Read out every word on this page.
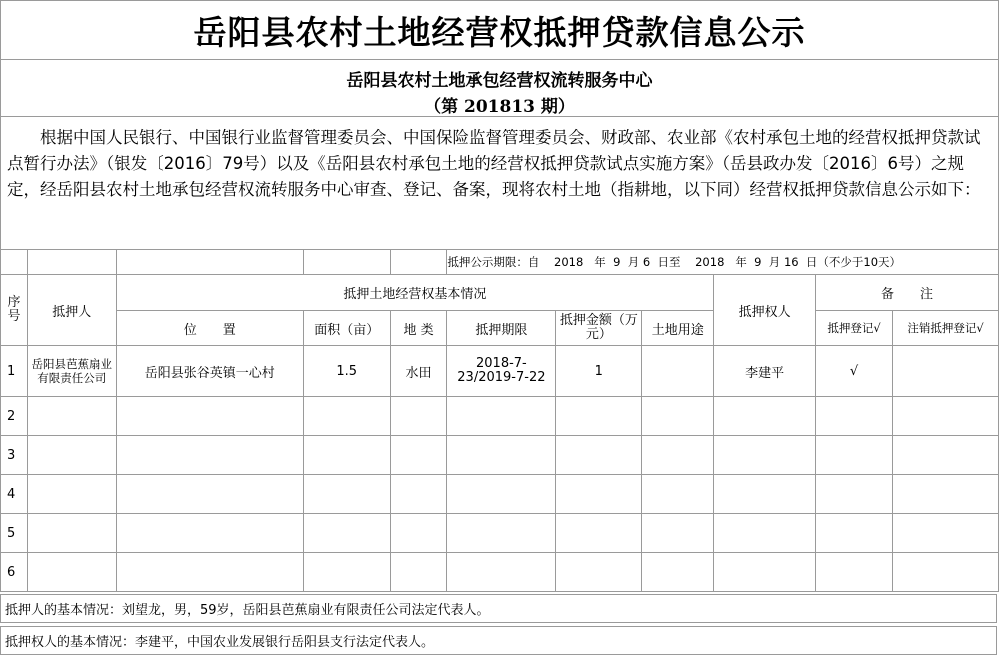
岳阳县农村土地经营权抵押贷款信息公示
岳阳县农村土地承包经营权流转服务中心
（第 201813 期）

根据中国人民银行、中国银行业监督管理委员会、中国保险监督管理委员会、财政部、农业部《农村承包土地的经营权抵押贷款试点暂行办法》（银发〔2016〕79号）以及《岳阳县农村承包土地的经营权抵押贷款试点实施方案》（岳县政办发〔2016〕6号）之规定，经岳阳县农村土地承包经营权流转服务中心审查、登记、备案，现将农村土地（指耕地，以下同）经营权抵押贷款信息公示如下：

					抵押公示期限：自    2018   年  9  月 6  日至    2018   年  9  月 16  日（不少于10天）					
序号	抵押人	抵押土地经营权基本情况						抵押权人	备　　注	
		位　　置	面积（亩）	地 类	抵押期限	抵押金额（万元）	土地用途		抵押登记√	注销抵押登记√
1	岳阳县芭蕉扇业有限责任公司	岳阳县张谷英镇一心村	1.5	水田	2018-7-23/2019-7-22	1		李建平	√	
2										
3										
4										
5										
6										
抵押人的基本情况：刘望龙，男，59岁，岳阳县芭蕉扇业有限责任公司法定代表人。
抵押权人的基本情况：李建平，中国农业发展银行岳阳县支行法定代表人。
